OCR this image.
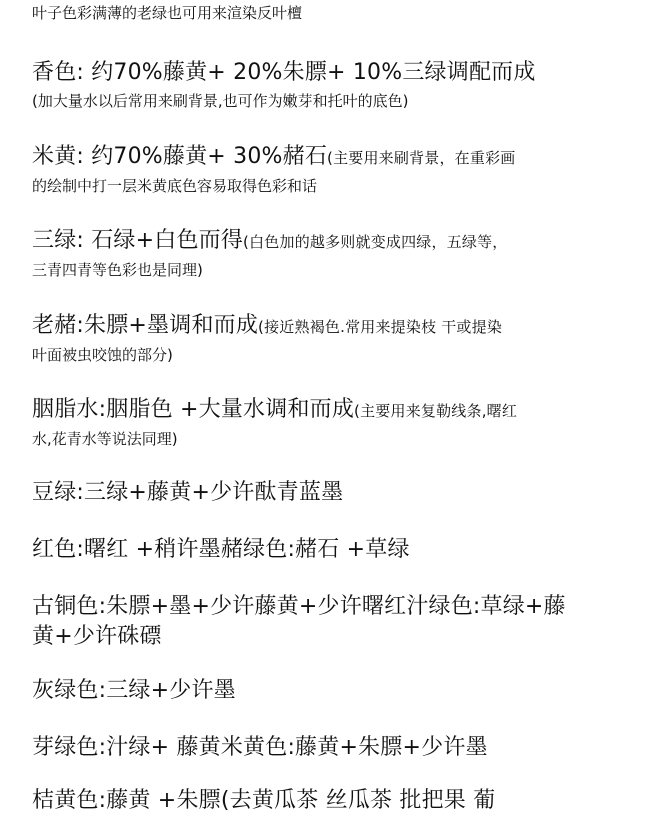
叶子色彩满薄的老绿也可用来渲染反叶檀
香色: 约70%藤黄+ 20%朱膘+ 10%三绿调配而成
(加大量水以后常用来刷背景,也可作为嫩芽和托叶的底色)
米黄: 约70%藤黄+ 30%赭石(主要用来刷背景，在重彩画
的绘制中打一层米黄底色容易取得色彩和话
三绿: 石绿+白色而得(白色加的越多则就变成四绿，五绿等，
三青四青等色彩也是同理)
老赭:朱膘+墨调和而成(接近熟褐色.常用来提染枝 干或提染
叶面被虫咬蚀的部分)
胭脂水:胭脂色 +大量水调和而成(主要用来复勒线条,曙红
水,花青水等说法同理)
豆绿:三绿+藤黄+少许酞青蓝墨
红色:曙红 +稍许墨赭绿色:赭石 +草绿
古铜色:朱膘+墨+少许藤黄+少许曙红汁绿色:草绿+藤
黄+少许硃磦
灰绿色:三绿+少许墨
芽绿色:汁绿+ 藤黄米黄色:藤黄+朱膘+少许墨
桔黄色:藤黄 +朱膘(去黄瓜茶 丝瓜茶 批把果 葡
